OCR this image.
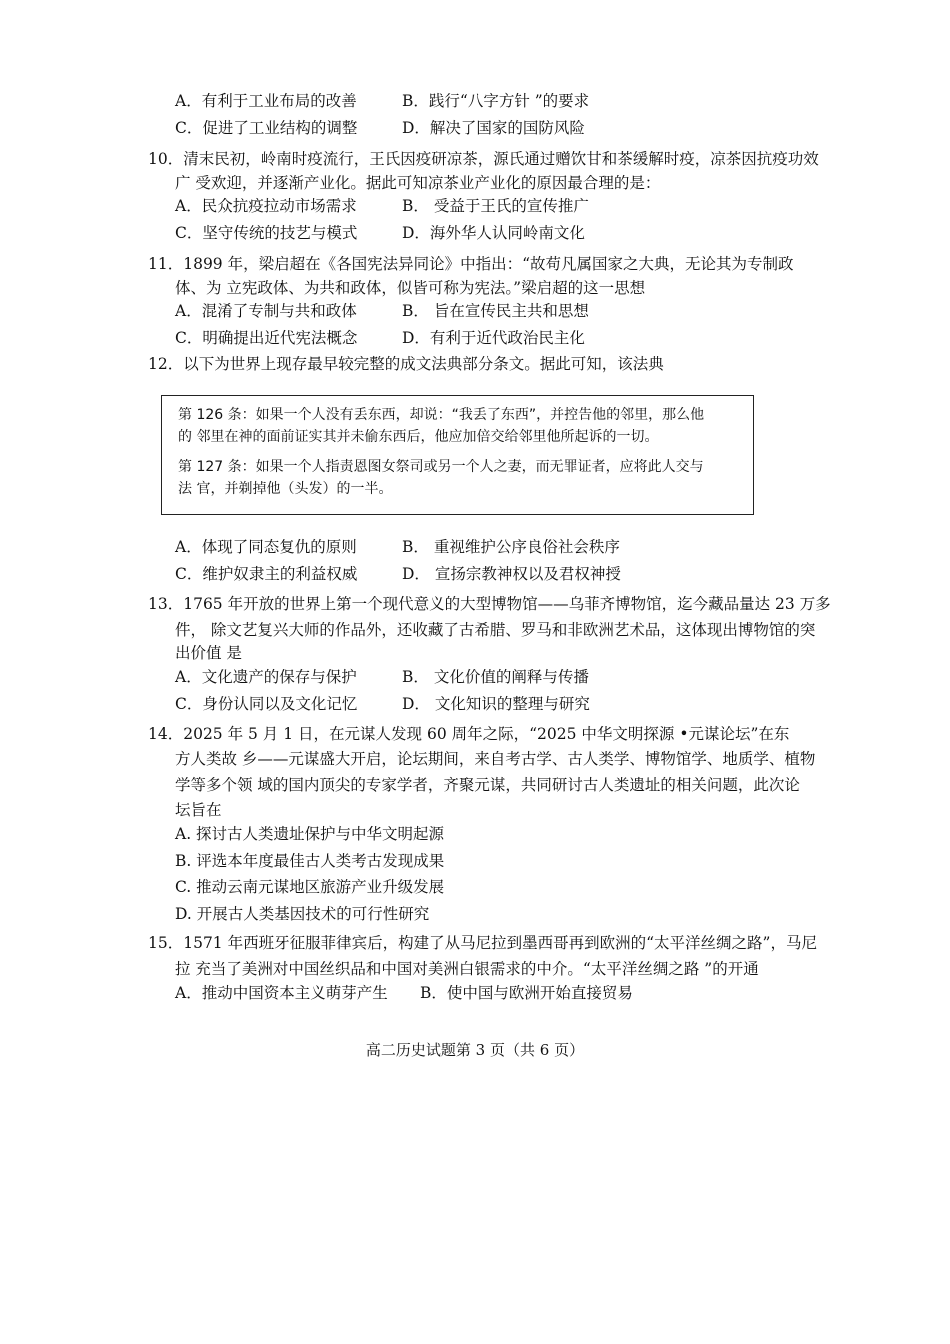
A．有利于工业布局的改善	B．践行“八字方针 ”的要求
C．促进了工业结构的调整	D．解决了国家的国防风险
10．清末民初，岭南时疫流行，王氏因疫研凉茶，源氏通过赠饮甘和茶缓解时疫，凉茶因抗疫功效
广 受欢迎，并逐渐产业化。据此可知凉茶业产业化的原因最合理的是：
A．民众抗疫拉动市场需求	B． 受益于王氏的宣传推广
C．坚守传统的技艺与模式	D．海外华人认同岭南文化
11．1899 年，梁启超在《各国宪法异同论》中指出：“故苟凡属国家之大典，无论其为专制政
体、为 立宪政体、为共和政体，似皆可称为宪法。”梁启超的这一思想
A．混淆了专制与共和政体	B． 旨在宣传民主共和思想
C．明确提出近代宪法概念	D．有利于近代政治民主化
12．以下为世界上现存最早较完整的成文法典部分条文。据此可知，该法典
第 126 条：如果一个人没有丢东西，却说：“我丢了东西”，并控告他的邻里，那么他
的 邻里在神的面前证实其并未偷东西后，他应加倍交给邻里他所起诉的一切。
第 127 条：如果一个人指责恩图女祭司或另一个人之妻，而无罪证者，应将此人交与
法 官，并剃掉他（头发）的一半。
A．体现了同态复仇的原则	B． 重视维护公序良俗社会秩序
C．维护奴隶主的利益权威	D． 宣扬宗教神权以及君权神授
13．1765 年开放的世界上第一个现代意义的大型博物馆——乌菲齐博物馆，迄今藏品量达 23 万多
件， 除文艺复兴大师的作品外，还收藏了古希腊、罗马和非欧洲艺术品，这体现出博物馆的突
出价值 是
A．文化遗产的保存与保护	B． 文化价值的阐释与传播
C．身份认同以及文化记忆	D． 文化知识的整理与研究
14．2025 年 5 月 1 日，在元谋人发现 60 周年之际，“2025 中华文明探源 •元谋论坛”在东
方人类故 乡——元谋盛大开启，论坛期间，来自考古学、古人类学、博物馆学、地质学、植物
学等多个领 域的国内顶尖的专家学者，齐聚元谋，共同研讨古人类遗址的相关问题，此次论
坛旨在
A. 探讨古人类遗址保护与中华文明起源
B. 评选本年度最佳古人类考古发现成果
C. 推动云南元谋地区旅游产业升级发展
D. 开展古人类基因技术的可行性研究
15．1571 年西班牙征服菲律宾后，构建了从马尼拉到墨西哥再到欧洲的“太平洋丝绸之路”，马尼
拉 充当了美洲对中国丝织品和中国对美洲白银需求的中介。“太平洋丝绸之路 ”的开通
A．推动中国资本主义萌芽产生 B．使中国与欧洲开始直接贸易
高二历史试题第 3 页（共 6 页）
